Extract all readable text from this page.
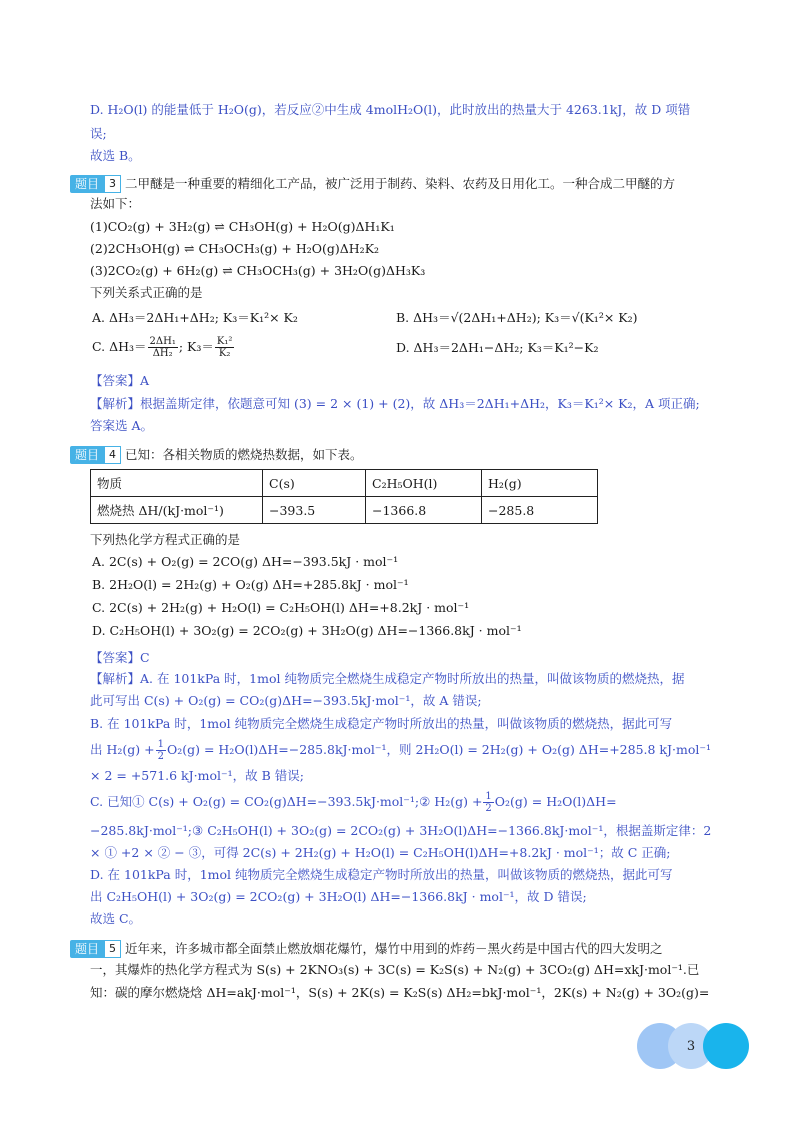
D. H₂O(l) 的能量低于 H₂O(g)，若反应②中生成 4molH₂O(l)，此时放出的热量大于 4263.1kJ，故 D 项错
误;
故选 B。
题目 3 二甲醚是一种重要的精细化工产品，被广泛用于制药、染料、农药及日用化工。一种合成二甲醚的方
法如下：
(1)CO₂(g) + 3H₂(g) ⇌ CH₃OH(g) + H₂O(g)ΔH₁K₁
(2)2CH₃OH(g) ⇌ CH₃OCH₃(g) + H₂O(g)ΔH₂K₂
(3)2CO₂(g) + 6H₂(g) ⇌ CH₃OCH₃(g) + 3H₂O(g)ΔH₃K₃
下列关系式正确的是
A. ΔH₃＝2ΔH₁+ΔH₂; K₃＝K₁²× K₂	B. ΔH₃＝√(2ΔH₁+ΔH₂); K₃＝√(K₁²× K₂)
C. $\Delta H_3= \frac{\text{2ΔH₁}}{\text{ΔH₂}}$ ; $K_3= \frac{\text{K₁²}}{\text{K₂}}$	D. ΔH₃＝2ΔH₁−ΔH₂; K₃＝K₁²−K₂
【答案】A
【解析】根据盖斯定律，依题意可知 (3) = 2 × (1) + (2)，故 ΔH₃＝2ΔH₁+ΔH₂，K₃＝K₁²× K₂，A 项正确;
答案选 A。
题目 4 已知：各相关物质的燃烧热数据，如下表。
物质	C(s)	C₂H₅OH(l)	H₂(g)
燃烧热 ΔH/(kJ·mol⁻¹)	−393.5	−1366.8	−285.8
下列热化学方程式正确的是
A. 2C(s) + O₂(g) = 2CO(g) ΔH=−393.5kJ · mol⁻¹
B. 2H₂O(l) = 2H₂(g) + O₂(g) ΔH=+285.8kJ · mol⁻¹
C. 2C(s) + 2H₂(g) + H₂O(l) = C₂H₅OH(l) ΔH=+8.2kJ · mol⁻¹
D. C₂H₅OH(l) + 3O₂(g) = 2CO₂(g) + 3H₂O(g) ΔH=−1366.8kJ · mol⁻¹
【答案】C
【解析】A. 在 101kPa 时，1mol 纯物质完全燃烧生成稳定产物时所放出的热量，叫做该物质的燃烧热，据
此可写出 C(s) + O₂(g) = CO₂(g)ΔH=−393.5kJ·mol⁻¹，故 A 错误;
B. 在 101kPa 时，1mol 纯物质完全燃烧生成稳定产物时所放出的热量，叫做该物质的燃烧热，据此可写
出 $H_2(g) + \frac{1}{2} O_2(g) = H_2O(l)\Delta H=-285.8kJ\cdot mol^{-1}$，则 2H₂O(l) = 2H₂(g) + O₂(g) ΔH=+285.8 kJ·mol⁻¹
× 2 = +571.6 kJ·mol⁻¹，故 B 错误;
C. 已知① C(s) + O₂(g) = CO₂(g)ΔH=−393.5kJ·mol⁻¹;② $H_2(g) + \frac{1}{2} O_2(g) = H_2O(l)\Delta H=$
−285.8kJ·mol⁻¹;③ C₂H₅OH(l) + 3O₂(g) = 2CO₂(g) + 3H₂O(l)ΔH=−1366.8kJ·mol⁻¹，根据盖斯定律：2
× ① +2 × ② − ③，可得 2C(s) + 2H₂(g) + H₂O(l) = C₂H₅OH(l)ΔH=+8.2kJ · mol⁻¹；故 C 正确;
D. 在 101kPa 时，1mol 纯物质完全燃烧生成稳定产物时所放出的热量，叫做该物质的燃烧热，据此可写
出 C₂H₅OH(l) + 3O₂(g) = 2CO₂(g) + 3H₂O(l) ΔH=−1366.8kJ · mol⁻¹，故 D 错误;
故选 C。
题目 5 近年来，许多城市都全面禁止燃放烟花爆竹，爆竹中用到的炸药－黑火药是中国古代的四大发明之
一，其爆炸的热化学方程式为 S(s) + 2KNO₃(s) + 3C(s) = K₂S(s) + N₂(g) + 3CO₂(g) ΔH=xkJ·mol⁻¹.已
知：碳的摩尔燃烧焓 ΔH=akJ·mol⁻¹，S(s) + 2K(s) = K₂S(s) ΔH₂=bkJ·mol⁻¹，2K(s) + N₂(g) + 3O₂(g)=
3
